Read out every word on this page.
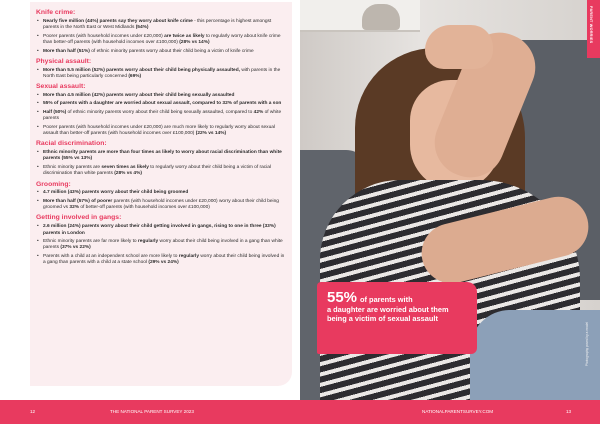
Knife crime:
• Nearly five million (44%) parents say they worry about knife crime - this percentage is highest amongst parents in the North East or West Midlands (54%)
• Poorer parents (with household incomes under £20,000) are twice as likely to regularly worry about knife crime than better-off parents (with household incomes over £100,000) (28% vs 14%)
• More than half (51%) of ethnic minority parents worry about their child being a victim of knife crime
Physical assault:
• More than 5.5 million (52%) parents worry about their child being physically assaulted, with parents in the North East being particularly concerned (69%)
Sexual assault:
• More than 4.5 million (42%) parents worry about their child being sexually assaulted
• 55% of parents with a daughter are worried about sexual assault, compared to 32% of parents with a son
• Half (50%) of ethnic minority parents worry about their child being sexually assaulted, compared to 42% of white parents
• Poorer parents (with household incomes under £20,000) are much more likely to regularly worry about sexual assault than better-off parents (with household incomes over £100,000) (22% vs 14%)
Racial discrimination:
• Ethnic minority parents are more than four times as likely to worry about racial discrimination than white parents (55% vs 13%)
• Ethnic minority parents are seven times as likely to regularly worry about their child being a victim of racial discrimination than white parents (28% vs 4%)
Grooming:
• 4.7 million (43%) parents worry about their child being groomed
• More than half (57%) of poorer parents (with household incomes under £20,000) worry about their child being groomed vs 32% of better-off parents (with household incomes over £100,000)
Getting involved in gangs:
• 2.6 million (24%) parents worry about their child getting involved in gangs, rising to one in three (33%) parents in London
• Ethnic minority parents are far more likely to regularly worry about their child being involved in a gang than white parents (37% vs 22%)
• Parents with a child at an independent school are more likely to regularly worry about their child being involved in a gang than parents with a child at a state school (29% vs 24%)
PARENT WORRIES
55% of parents with
a daughter are worried about them being a victim of sexual assault
Photography posed by a model
12	THE NATIONAL PARENT SURVEY 2023	NATIONALPARENTSURVEY.COM	13
